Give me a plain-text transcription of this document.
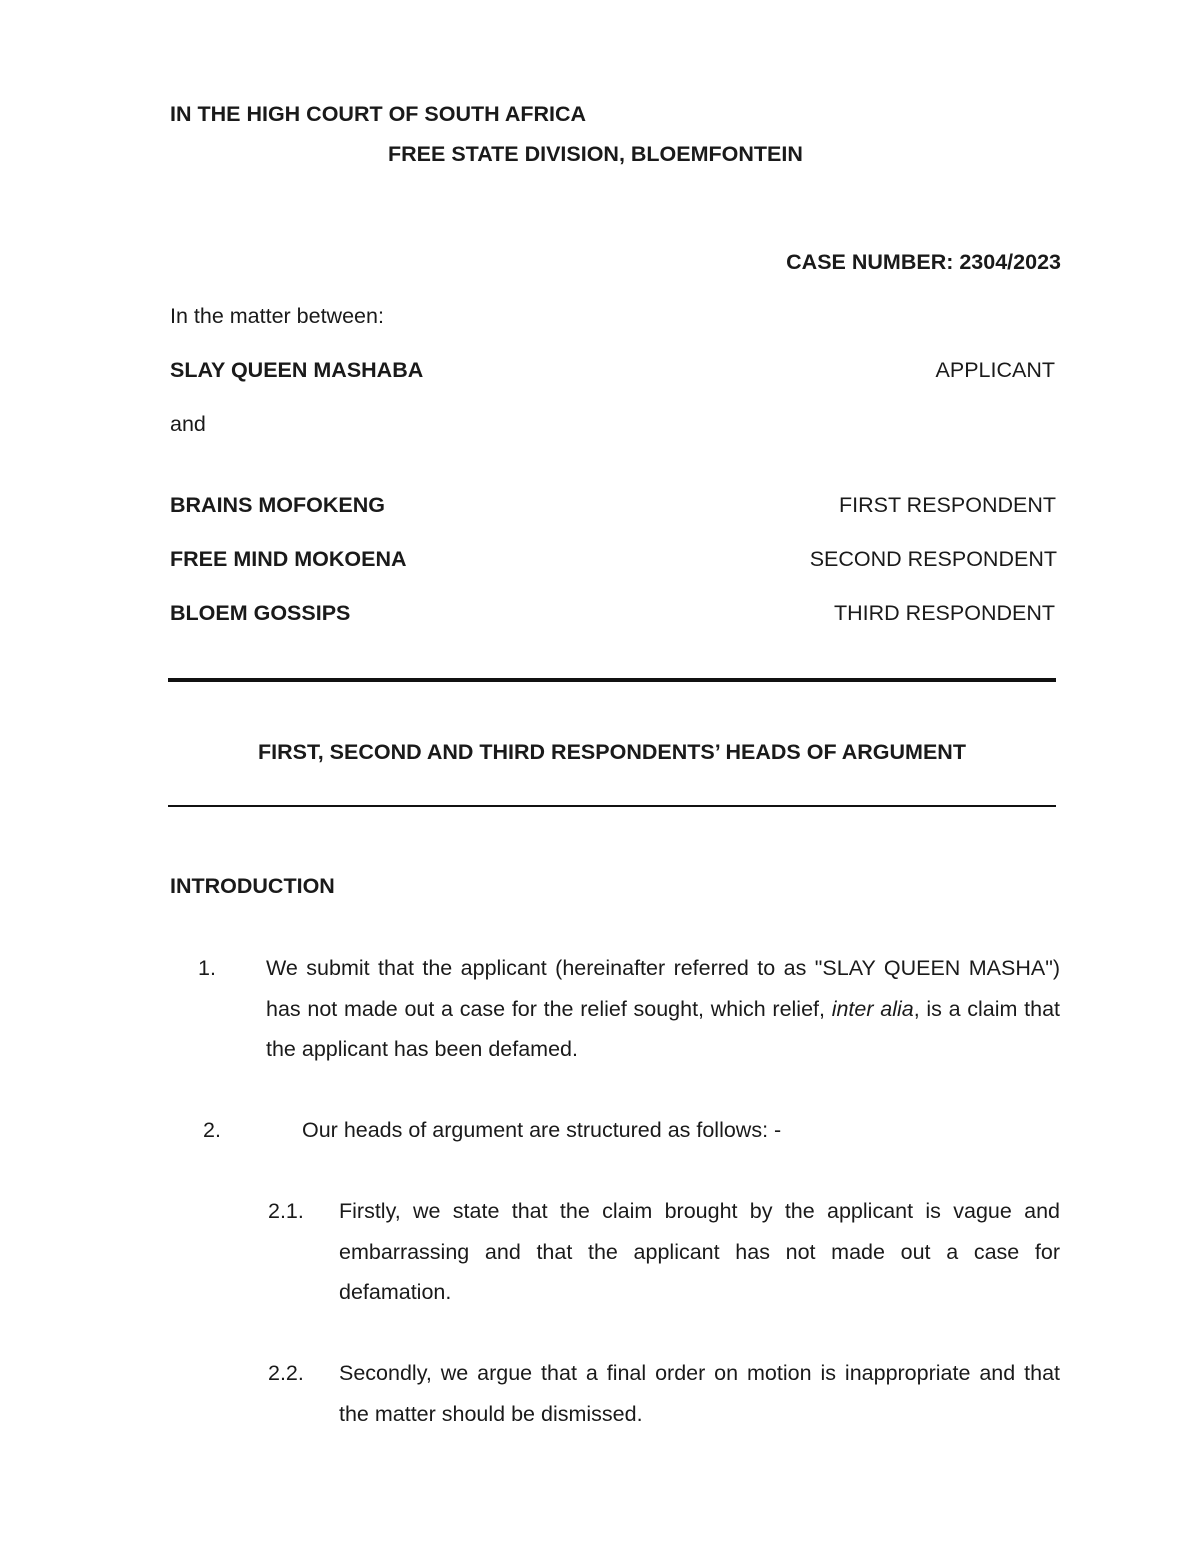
IN THE HIGH COURT OF SOUTH AFRICA
FREE STATE DIVISION, BLOEMFONTEIN
CASE NUMBER: 2304/2023
In the matter between:
SLAY QUEEN MASHABA	APPLICANT
and
BRAINS MOFOKENG	FIRST RESPONDENT
FREE MIND MOKOENA	SECOND RESPONDENT
BLOEM GOSSIPS	THIRD RESPONDENT
FIRST, SECOND AND THIRD RESPONDENTS’ HEADS OF ARGUMENT
INTRODUCTION
1. We submit that the applicant (hereinafter referred to as "SLAY QUEEN MASHA") has not made out a case for the relief sought, which relief, inter alia, is a claim that the applicant has been defamed.
2.	Our heads of argument are structured as follows: -
2.1. Firstly, we state that the claim brought by the applicant is vague and embarrassing and that the applicant has not made out a case for defamation.
2.2. Secondly, we argue that a final order on motion is inappropriate and that the matter should be dismissed.
